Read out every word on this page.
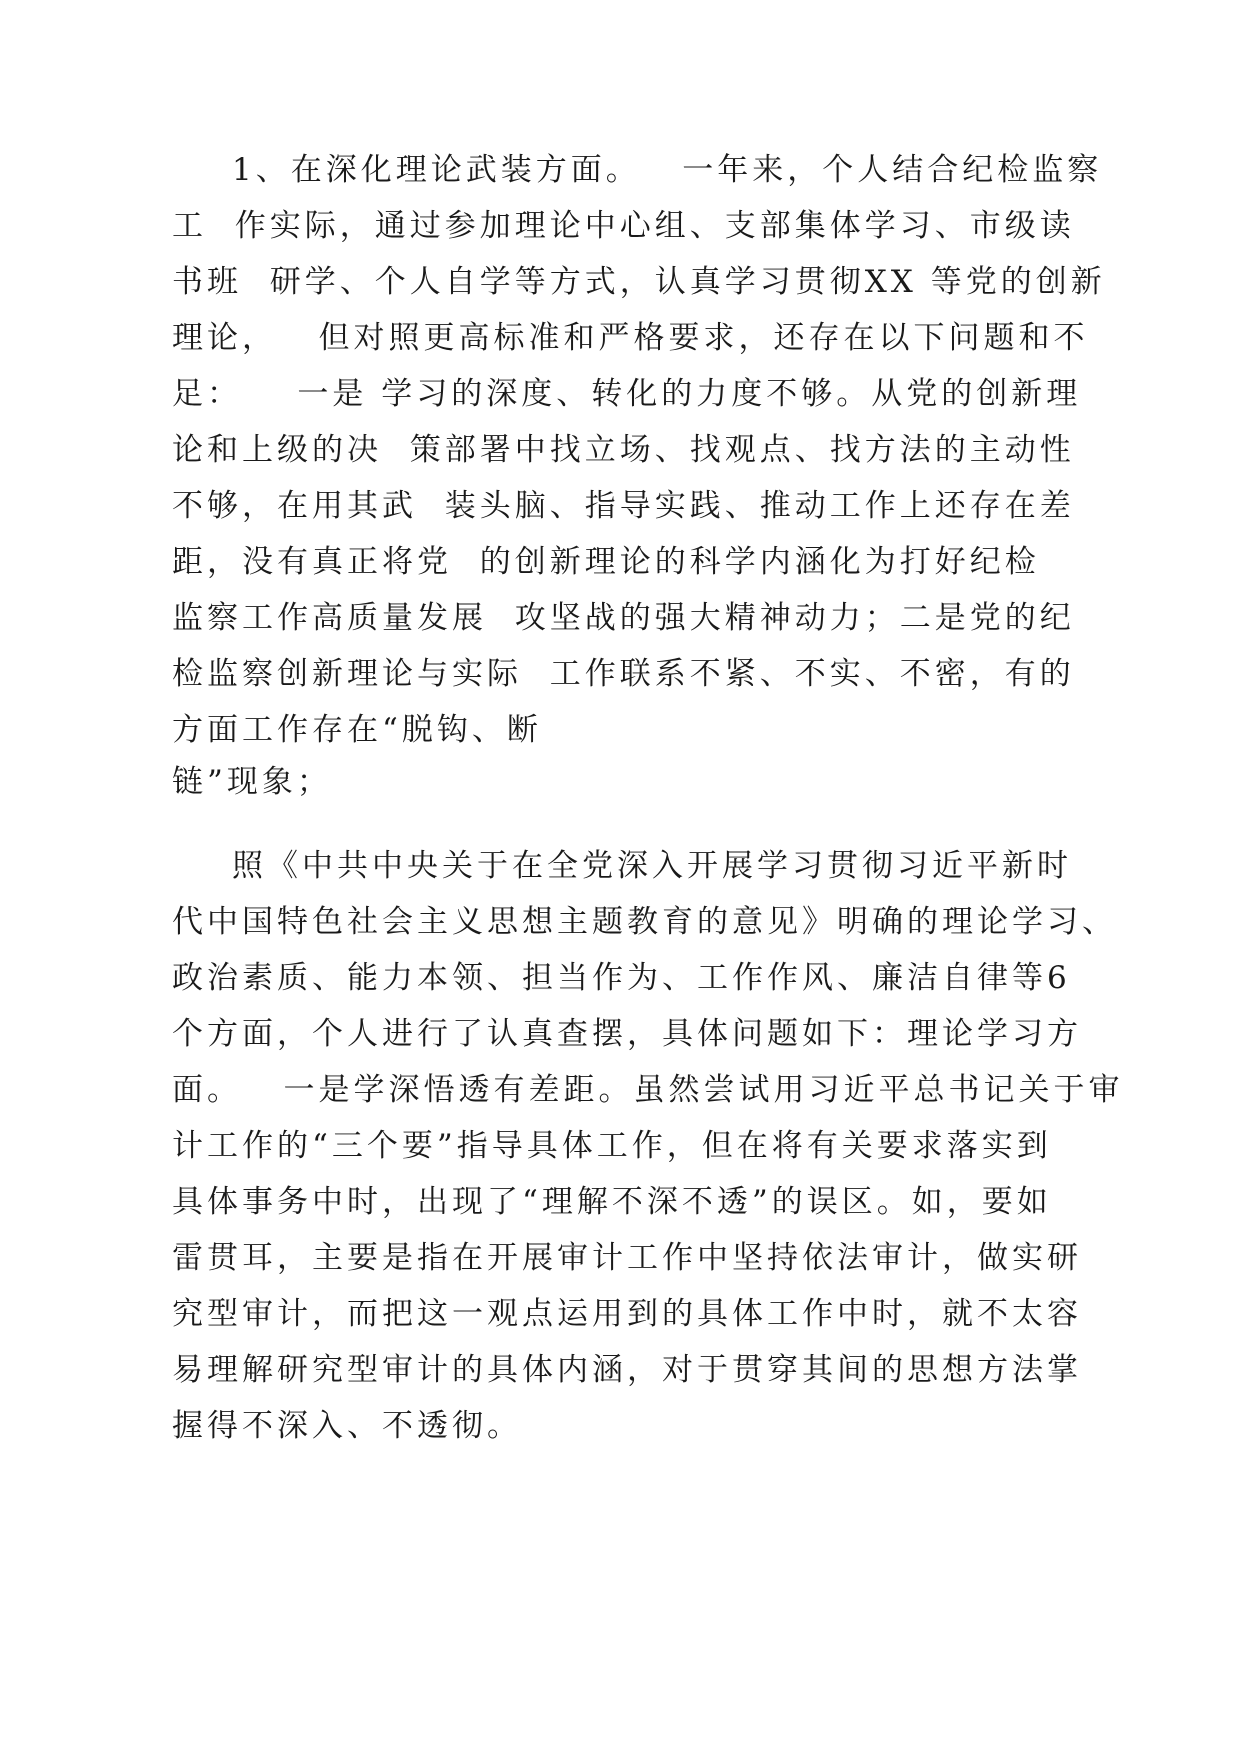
1、在深化理论武装方面。   一年来，个人结合纪检监察
工  作实际，通过参加理论中心组、支部集体学习、市级读
书班  研学、个人自学等方式，认真学习贯彻XX 等党的创新
理论，   但对照更高标准和严格要求，还存在以下问题和不
足：    一是 学习的深度、转化的力度不够。从党的创新理
论和上级的决  策部署中找立场、找观点、找方法的主动性
不够，在用其武  装头脑、指导实践、推动工作上还存在差
距，没有真正将党  的创新理论的科学内涵化为打好纪检
监察工作高质量发展  攻坚战的强大精神动力；二是党的纪
检监察创新理论与实际  工作联系不紧、不实、不密，有的
方面工作存在“脱钩、断
链”现象；
照《中共中央关于在全党深入开展学习贯彻习近平新时
代中国特色社会主义思想主题教育的意见》明确的理论学习、
政治素质、能力本领、担当作为、工作作风、廉洁自律等6
个方面，个人进行了认真查摆，具体问题如下：理论学习方
面。   一是学深悟透有差距。虽然尝试用习近平总书记关于审
计工作的“三个要”指导具体工作，但在将有关要求落实到
具体事务中时，出现了“理解不深不透”的误区。如，要如
雷贯耳，主要是指在开展审计工作中坚持依法审计，做实研
究型审计，而把这一观点运用到的具体工作中时，就不太容
易理解研究型审计的具体内涵，对于贯穿其间的思想方法掌
握得不深入、不透彻。
